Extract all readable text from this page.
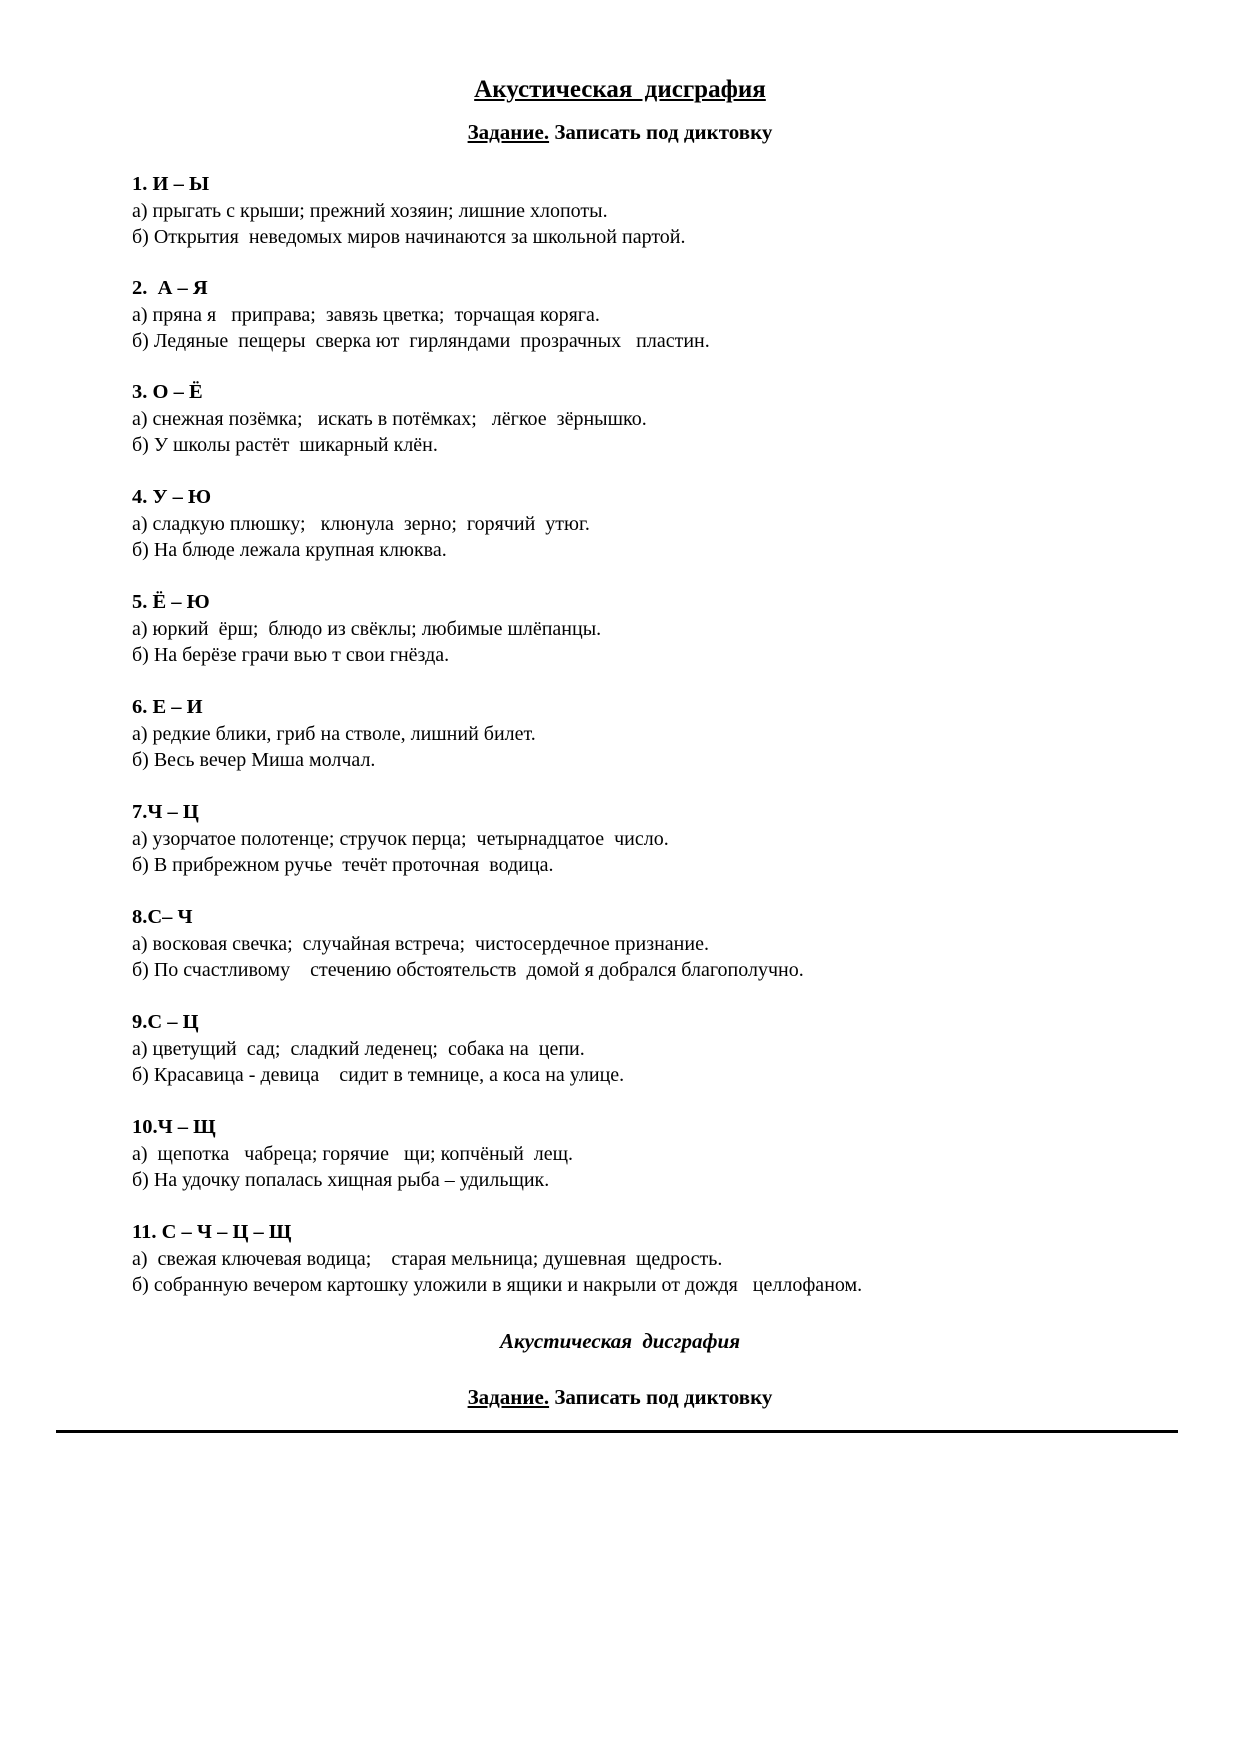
Акустическая дисграфия
Задание. Записать под диктовку
1. И – Ы
а) прыгать с крыши; прежний хозяин; лишние хлопоты.
б) Открытия  неведомых миров начинаются за школьной партой.
2.  А – Я
а) пряна я   приправа;  завязь цветка;  торчащая коряга.
б) Ледяные  пещеры  сверка ют  гирляндами  прозрачных   пластин.
3. О – Ё
а) снежная позёмка;   искать в потёмках;   лёгкое  зёрнышко.
б) У школы растёт  шикарный клён.
4. У – Ю
а) сладкую плюшку;   клюнула  зерно;  горячий  утюг.
б) На блюде лежала крупная клюква.
5. Ё – Ю
а) юркий  ёрш;  блюдо из свёклы; любимые шлёпанцы.
б) На берёзе грачи вью т свои гнёзда.
6. Е – И
а) редкие блики, гриб на стволе, лишний билет.
б) Весь вечер Миша молчал.
7.Ч – Ц
а) узорчатое полотенце; стручок перца;  четырнадцатое  число.
б) В прибрежном ручье  течёт проточная  водица.
8.С– Ч
а) восковая свечка;  случайная встреча;  чистосердечное признание.
б) По счастливому    стечению обстоятельств  домой я добрался благополучно.
9.С – Ц
а) цветущий  сад;  сладкий леденец;  собака на  цепи.
б) Красавица - девица    сидит в темнице, а коса на улице.
10.Ч – Щ
а)  щепотка   чабреца; горячие   щи; копчёный  лещ.
б) На удочку попалась хищная рыба – удильщик.
11. С – Ч – Ц – Щ
а)  свежая ключевая водица;    старая мельница; душевная  щедрость.
б) собранную вечером картошку уложили в ящики и накрыли от дождя   целлофаном.
Акустическая дисграфия
Задание. Записать под диктовку
